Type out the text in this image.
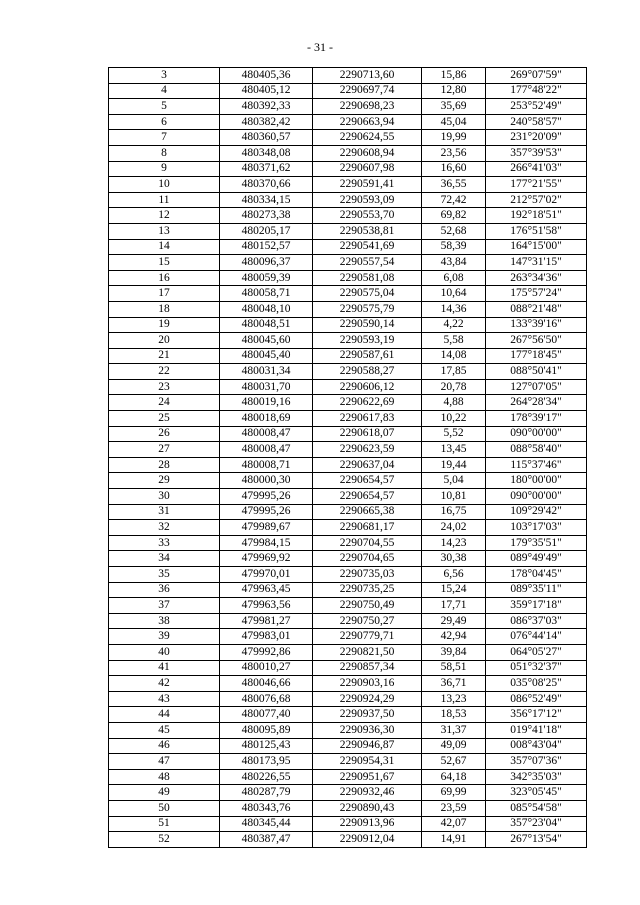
- 31 -
3	480405,36	2290713,60	15,86	269°07'59"
4	480405,12	2290697,74	12,80	177°48'22"
5	480392,33	2290698,23	35,69	253°52'49"
6	480382,42	2290663,94	45,04	240°58'57"
7	480360,57	2290624,55	19,99	231°20'09"
8	480348,08	2290608,94	23,56	357°39'53"
9	480371,62	2290607,98	16,60	266°41'03"
10	480370,66	2290591,41	36,55	177°21'55"
11	480334,15	2290593,09	72,42	212°57'02"
12	480273,38	2290553,70	69,82	192°18'51"
13	480205,17	2290538,81	52,68	176°51'58"
14	480152,57	2290541,69	58,39	164°15'00"
15	480096,37	2290557,54	43,84	147°31'15"
16	480059,39	2290581,08	6,08	263°34'36"
17	480058,71	2290575,04	10,64	175°57'24"
18	480048,10	2290575,79	14,36	088°21'48"
19	480048,51	2290590,14	4,22	133°39'16"
20	480045,60	2290593,19	5,58	267°56'50"
21	480045,40	2290587,61	14,08	177°18'45"
22	480031,34	2290588,27	17,85	088°50'41"
23	480031,70	2290606,12	20,78	127°07'05"
24	480019,16	2290622,69	4,88	264°28'34"
25	480018,69	2290617,83	10,22	178°39'17"
26	480008,47	2290618,07	5,52	090°00'00"
27	480008,47	2290623,59	13,45	088°58'40"
28	480008,71	2290637,04	19,44	115°37'46"
29	480000,30	2290654,57	5,04	180°00'00"
30	479995,26	2290654,57	10,81	090°00'00"
31	479995,26	2290665,38	16,75	109°29'42"
32	479989,67	2290681,17	24,02	103°17'03"
33	479984,15	2290704,55	14,23	179°35'51"
34	479969,92	2290704,65	30,38	089°49'49"
35	479970,01	2290735,03	6,56	178°04'45"
36	479963,45	2290735,25	15,24	089°35'11"
37	479963,56	2290750,49	17,71	359°17'18"
38	479981,27	2290750,27	29,49	086°37'03"
39	479983,01	2290779,71	42,94	076°44'14"
40	479992,86	2290821,50	39,84	064°05'27"
41	480010,27	2290857,34	58,51	051°32'37"
42	480046,66	2290903,16	36,71	035°08'25"
43	480076,68	2290924,29	13,23	086°52'49"
44	480077,40	2290937,50	18,53	356°17'12"
45	480095,89	2290936,30	31,37	019°41'18"
46	480125,43	2290946,87	49,09	008°43'04"
47	480173,95	2290954,31	52,67	357°07'36"
48	480226,55	2290951,67	64,18	342°35'03"
49	480287,79	2290932,46	69,99	323°05'45"
50	480343,76	2290890,43	23,59	085°54'58"
51	480345,44	2290913,96	42,07	357°23'04"
52	480387,47	2290912,04	14,91	267°13'54"
